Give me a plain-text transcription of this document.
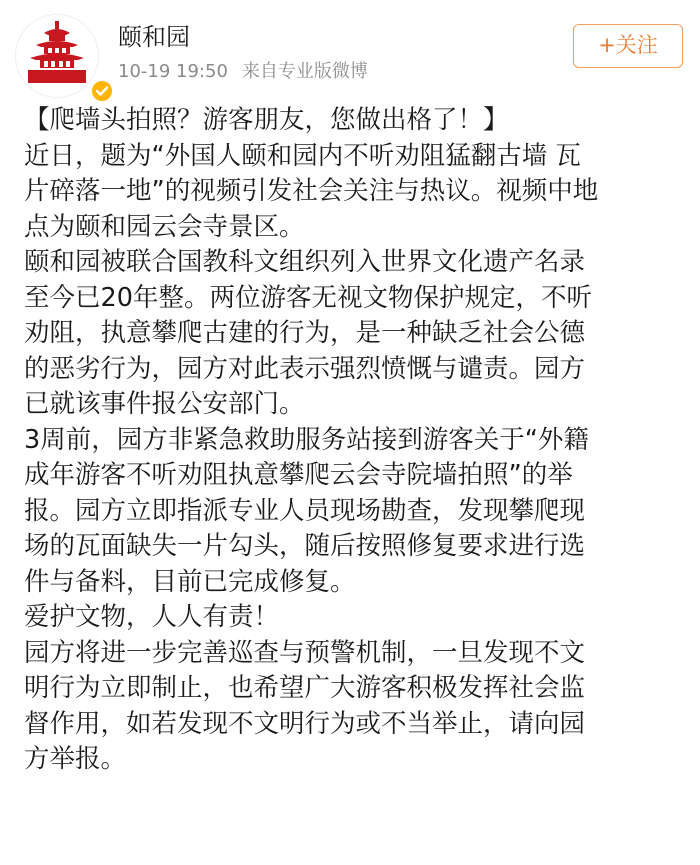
颐和园
10-19 19:50 来自专业版微博
+关注
【爬墙头拍照？游客朋友，您做出格了！】
近日，题为“外国人颐和园内不听劝阻猛翻古墙 瓦
片碎落一地”的视频引发社会关注与热议。视频中地
点为颐和园云会寺景区。
颐和园被联合国教科文组织列入世界文化遗产名录
至今已20年整。两位游客无视文物保护规定，不听
劝阻，执意攀爬古建的行为，是一种缺乏社会公德
的恶劣行为，园方对此表示强烈愤慨与谴责。园方
已就该事件报公安部门。
3周前，园方非紧急救助服务站接到游客关于“外籍
成年游客不听劝阻执意攀爬云会寺院墙拍照”的举
报。园方立即指派专业人员现场勘查，发现攀爬现
场的瓦面缺失一片勾头，随后按照修复要求进行选
件与备料，目前已完成修复。
爱护文物，人人有责！
园方将进一步完善巡查与预警机制，一旦发现不文
明行为立即制止，也希望广大游客积极发挥社会监
督作用，如若发现不文明行为或不当举止，请向园
方举报。
